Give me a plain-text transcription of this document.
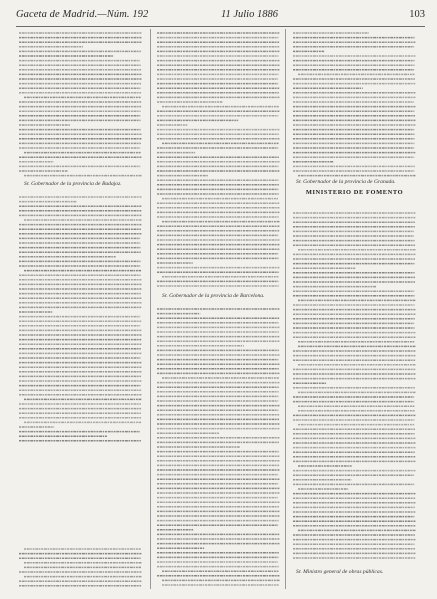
Gaceta de Madrid.—Núm. 192	11 Julio 1886	103
Sr. Gobernador de la provincia de Badajoz.
Sr. Gobernador de la provincia de Barcelona.
Sr. Gobernador de la provincia de Granada.
MINISTERIO DE FOMENTO
Sr. Ministro general de obras públicas.
